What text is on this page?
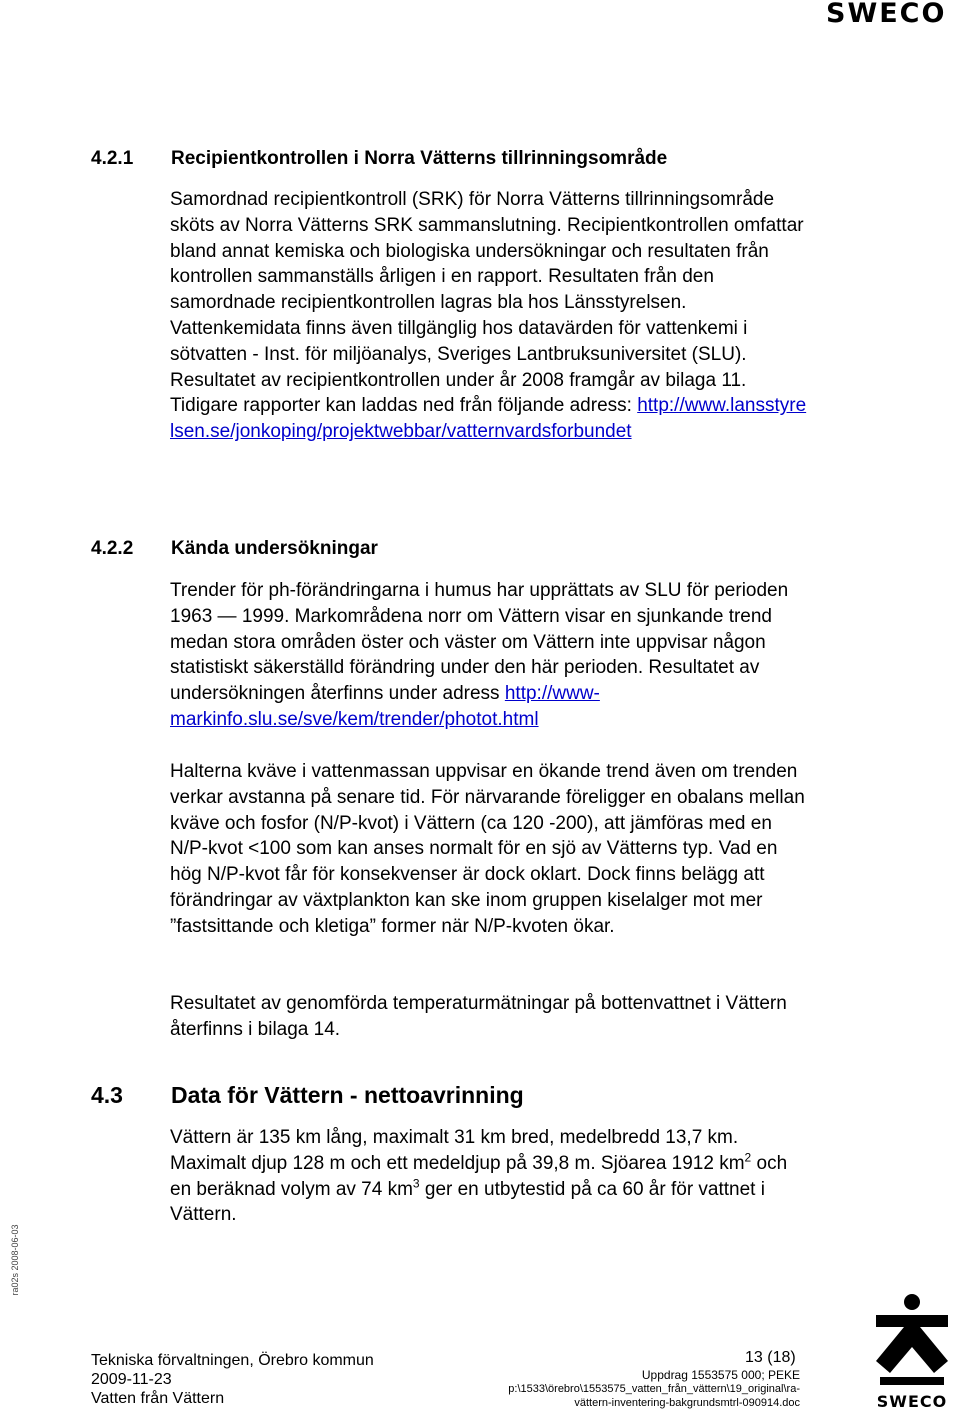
SWECO
4.2.1 Recipientkontrollen i Norra Vätterns tillrinningsområde

Samordnad recipientkontroll (SRK) för Norra Vätterns tillrinningsområde sköts av Norra Vätterns SRK sammanslutning. Recipientkontrollen omfattar bland annat kemiska och biologiska undersökningar och resultaten från kontrollen sammanställs årligen i en rapport. Resultaten från den samordnade recipientkontrollen lagras bla hos Länsstyrelsen. Vattenkemidata finns även tillgänglig hos datavärden för vattenkemi i sötvatten - Inst. för miljöanalys, Sveriges Lantbruksuniversitet (SLU). Resultatet av recipientkontrollen under år 2008 framgår av bilaga 11. Tidigare rapporter kan laddas ned från följande adress: http://www.lansstyrelsen.se/jonkoping/projektwebbar/vatternvardsforbundet

4.2.2 Kända undersökningar

Trender för ph-förändringarna i humus har upprättats av SLU för perioden 1963 — 1999. Markområdena norr om Vättern visar en sjunkande trend medan stora områden öster och väster om Vättern inte uppvisar någon statistiskt säkerställd förändring under den här perioden. Resultatet av undersökningen återfinns under adress http://www-markinfo.slu.se/sve/kem/trender/photot.html

Halterna kväve i vattenmassan uppvisar en ökande trend även om trenden verkar avstanna på senare tid. För närvarande föreligger en obalans mellan kväve och fosfor (N/P-kvot) i Vättern (ca 120 -200), att jämföras med en N/P-kvot <100 som kan anses normalt för en sjö av Vätterns typ. Vad en hög N/P-kvot får för konsekvenser är dock oklart. Dock finns belägg att förändringar av växtplankton kan ske inom gruppen kiselalger mot mer ”fastsittande och kletiga” former när N/P-kvoten ökar.

Resultatet av genomförda temperaturmätningar på bottenvattnet i Vättern återfinns i bilaga 14.

4.3 Data för Vättern - nettoavrinning

Vättern är 135 km lång, maximalt 31 km bred, medelbredd 13,7 km. Maximalt djup 128 m och ett medeldjup på 39,8 m. Sjöarea 1912 $km^2$ och en beräknad volym av 74 $km^3$ ger en utbytestid på ca 60 år för vattnet i Vättern.

ra02s 2008-06-03
Tekniska förvaltningen, Örebro kommun
2009-11-23
Vatten från Vättern
13 (18)
Uppdrag 1553575 000; PEKE
p:\1533\örebro\1553575_vatten_från_vättern\19_original\ra-
vättern-inventering-bakgrundsmtrl-090914.doc	SWECO
